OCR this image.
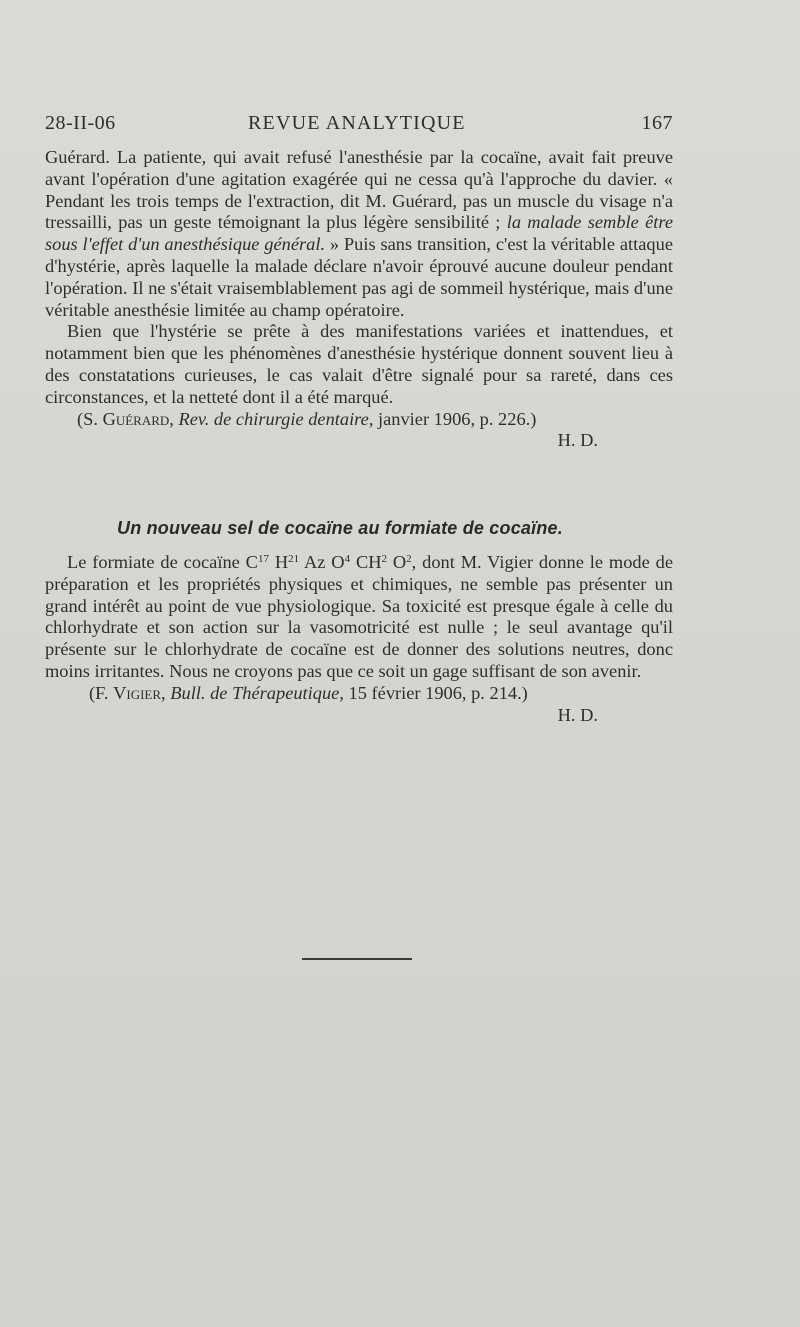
28-II-06	REVUE ANALYTIQUE	167

Guérard. La patiente, qui avait refusé l'anesthésie par la cocaïne, avait fait preuve avant l'opération d'une agitation exagérée qui ne cessa qu'à l'approche du davier. « Pendant les trois temps de l'extraction, dit M. Guérard, pas un muscle du visage n'a tressailli, pas un geste témoignant la plus légère sensibilité ; la malade semble être sous l'effet d'un anesthésique général. » Puis sans transition, c'est la véritable attaque d'hystérie, après laquelle la malade déclare n'avoir éprouvé aucune douleur pendant l'opération. Il ne s'était vraisemblablement pas agi de sommeil hystérique, mais d'une véritable anesthésie limitée au champ opératoire.

Bien que l'hystérie se prête à des manifestations variées et inattendues, et notamment bien que les phénomènes d'anesthésie hystérique donnent souvent lieu à des constatations curieuses, le cas valait d'être signalé pour sa rareté, dans ces circonstances, et la netteté dont il a été marqué.

(S. Guérard, Rev. de chirurgie dentaire, janvier 1906, p. 226.)

H. D.

Un nouveau sel de cocaïne au formiate de cocaïne.

Le formiate de cocaïne $C^{17}$ $H^{21}$ Az $O^4$ $CH^2$ $O^2$, dont M. Vigier donne le mode de préparation et les propriétés physiques et chimiques, ne semble pas présenter un grand intérêt au point de vue physiologique. Sa toxicité est presque égale à celle du chlorhydrate et son action sur la vasomotricité est nulle ; le seul avantage qu'il présente sur le chlorhydrate de cocaïne est de donner des solutions neutres, donc moins irritantes. Nous ne croyons pas que ce soit un gage suffisant de son avenir.

(F. Vigier, Bull. de Thérapeutique, 15 février 1906, p. 214.)

H. D.
